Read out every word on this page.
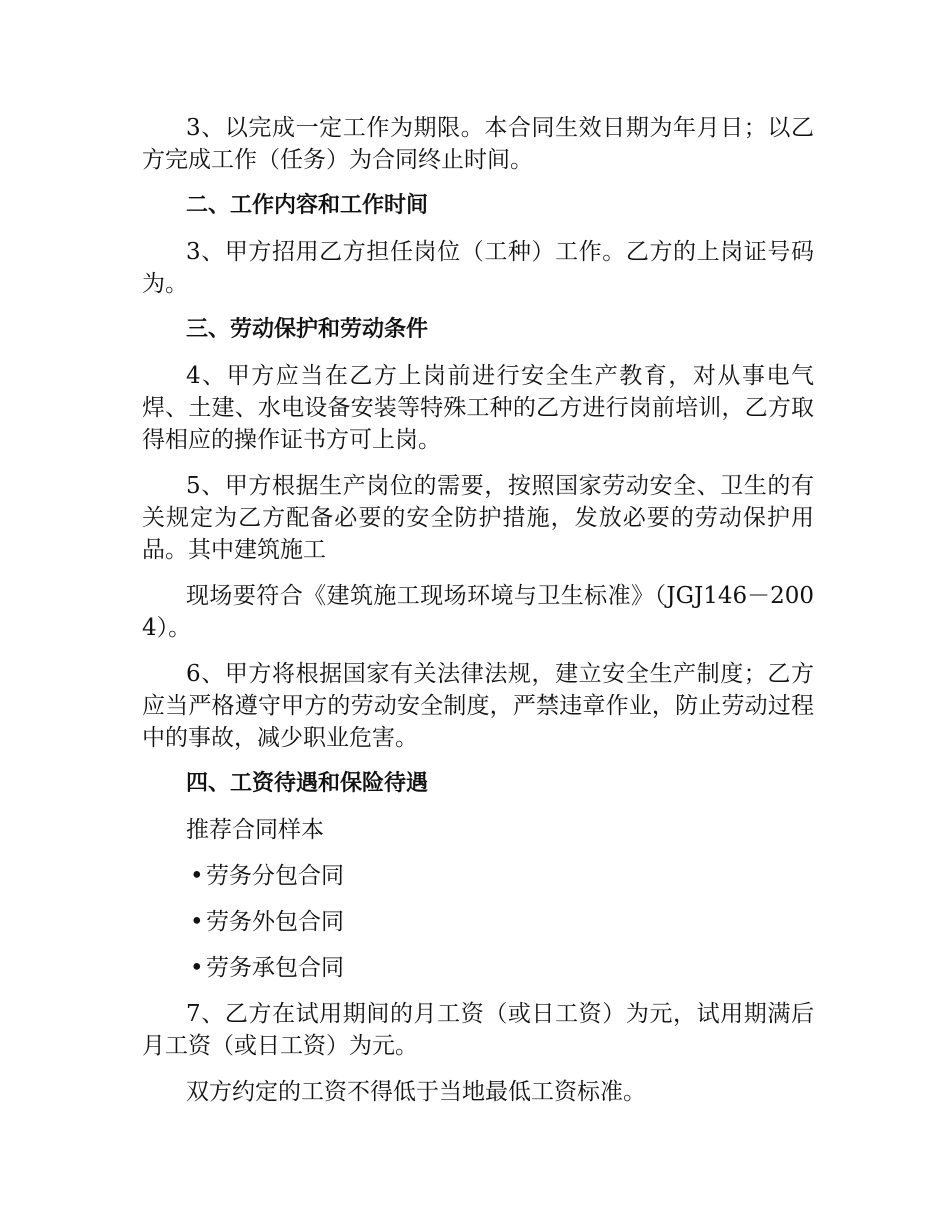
3、以完成一定工作为期限。本合同生效日期为年月日；以乙方完成工作（任务）为合同终止时间。

二、工作内容和工作时间

3、甲方招用乙方担任岗位（工种）工作。乙方的上岗证号码为。

三、劳动保护和劳动条件

4、甲方应当在乙方上岗前进行安全生产教育，对从事电气焊、土建、水电设备安装等特殊工种的乙方进行岗前培训，乙方取得相应的操作证书方可上岗。

5、甲方根据生产岗位的需要，按照国家劳动安全、卫生的有关规定为乙方配备必要的安全防护措施，发放必要的劳动保护用品。其中建筑施工

现场要符合《建筑施工现场环境与卫生标准》（JGJ146－2004）。

6、甲方将根据国家有关法律法规，建立安全生产制度；乙方应当严格遵守甲方的劳动安全制度，严禁违章作业，防止劳动过程中的事故，减少职业危害。

四、工资待遇和保险待遇

推荐合同样本

• 劳务分包合同
• 劳务外包合同
• 劳务承包合同

7、乙方在试用期间的月工资（或日工资）为元，试用期满后月工资（或日工资）为元。

双方约定的工资不得低于当地最低工资标准。
